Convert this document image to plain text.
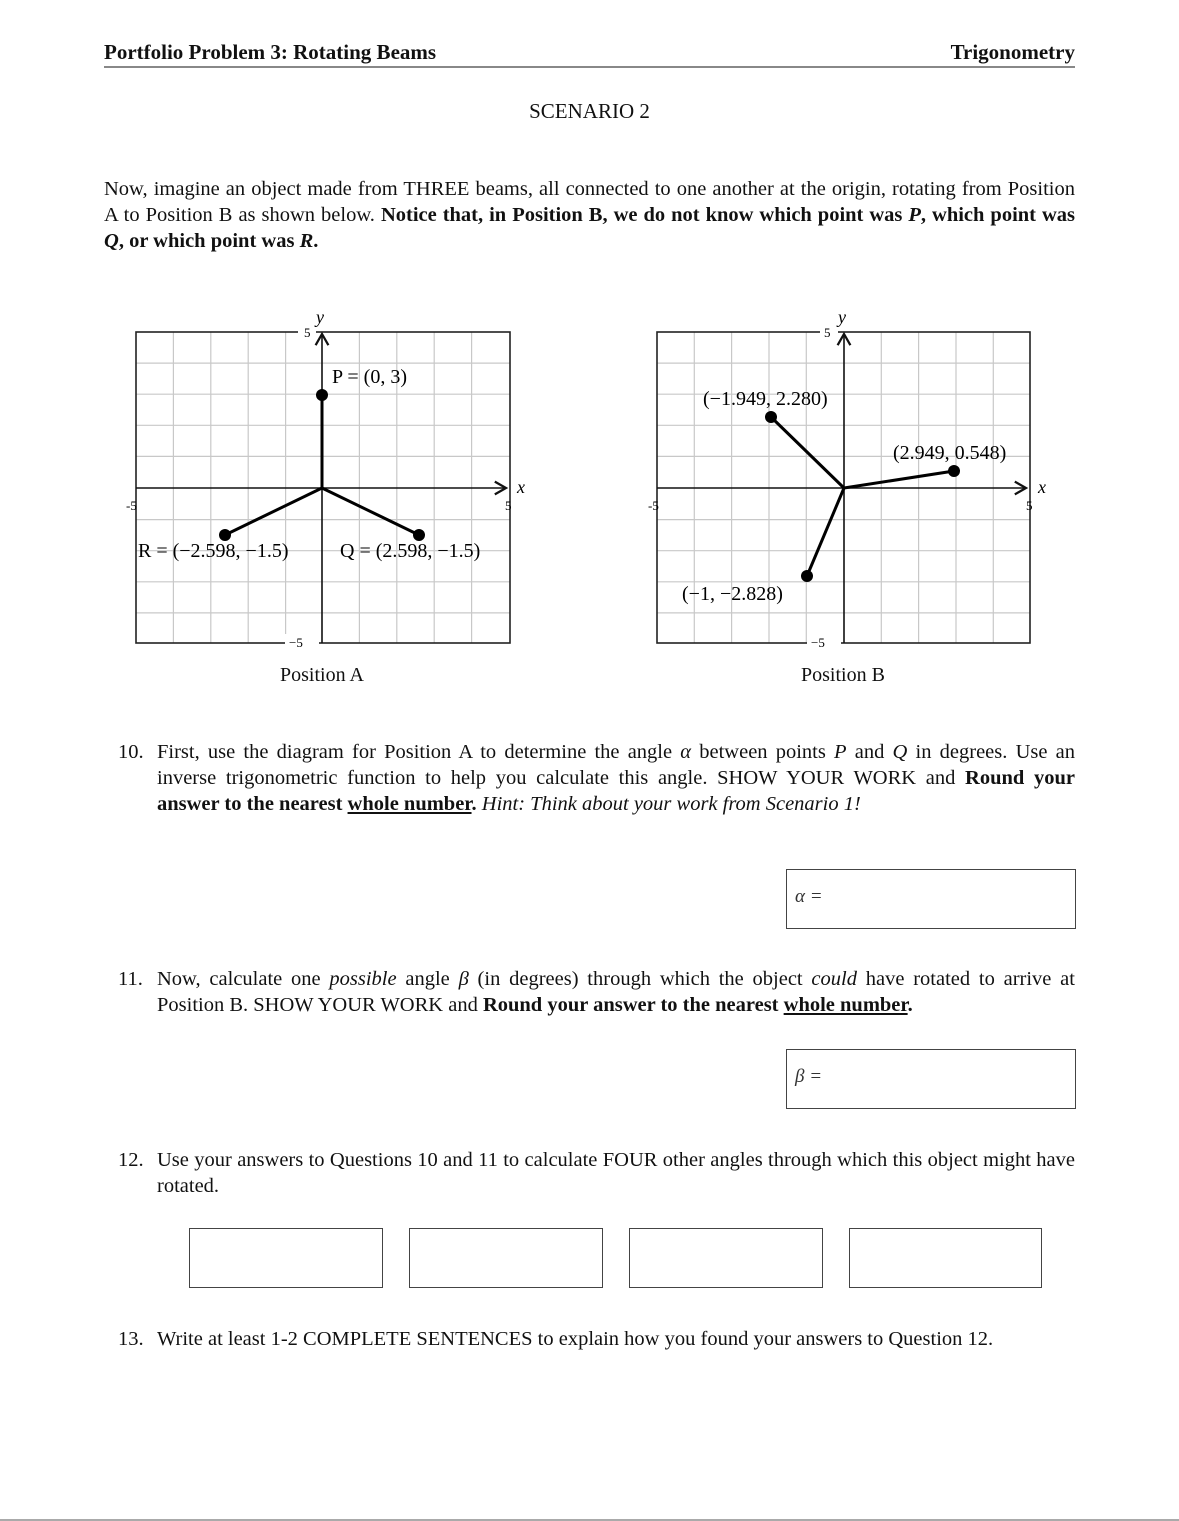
Portfolio Problem 3: Rotating Beams	Trigonometry
SCENARIO 2
Now, imagine an object made from THREE beams, all connected to one another at the origin, rotating from Position A to Position B as shown below. Notice that, in Position B, we do not know which point was P, which point was Q, or which point was R.
5
y
x
-5	5
−5
P = (0, 3)
R = (−2.598, −1.5)	Q = (2.598, −1.5)
5
y
x
-5	5
−5
(−1.949, 2.280)
(2.949, 0.548)
(−1, −2.828)
Position A	Position B
10. First, use the diagram for Position A to determine the angle α between points P and Q in degrees. Use an inverse trigonometric function to help you calculate this angle. SHOW YOUR WORK and Round your answer to the nearest whole number. Hint: Think about your work from Scenario 1!
α =
11. Now, calculate one possible angle β (in degrees) through which the object could have rotated to arrive at Position B. SHOW YOUR WORK and Round your answer to the nearest whole number.
β =
12. Use your answers to Questions 10 and 11 to calculate FOUR other angles through which this object might have rotated.
13. Write at least 1-2 COMPLETE SENTENCES to explain how you found your answers to Question 12.
